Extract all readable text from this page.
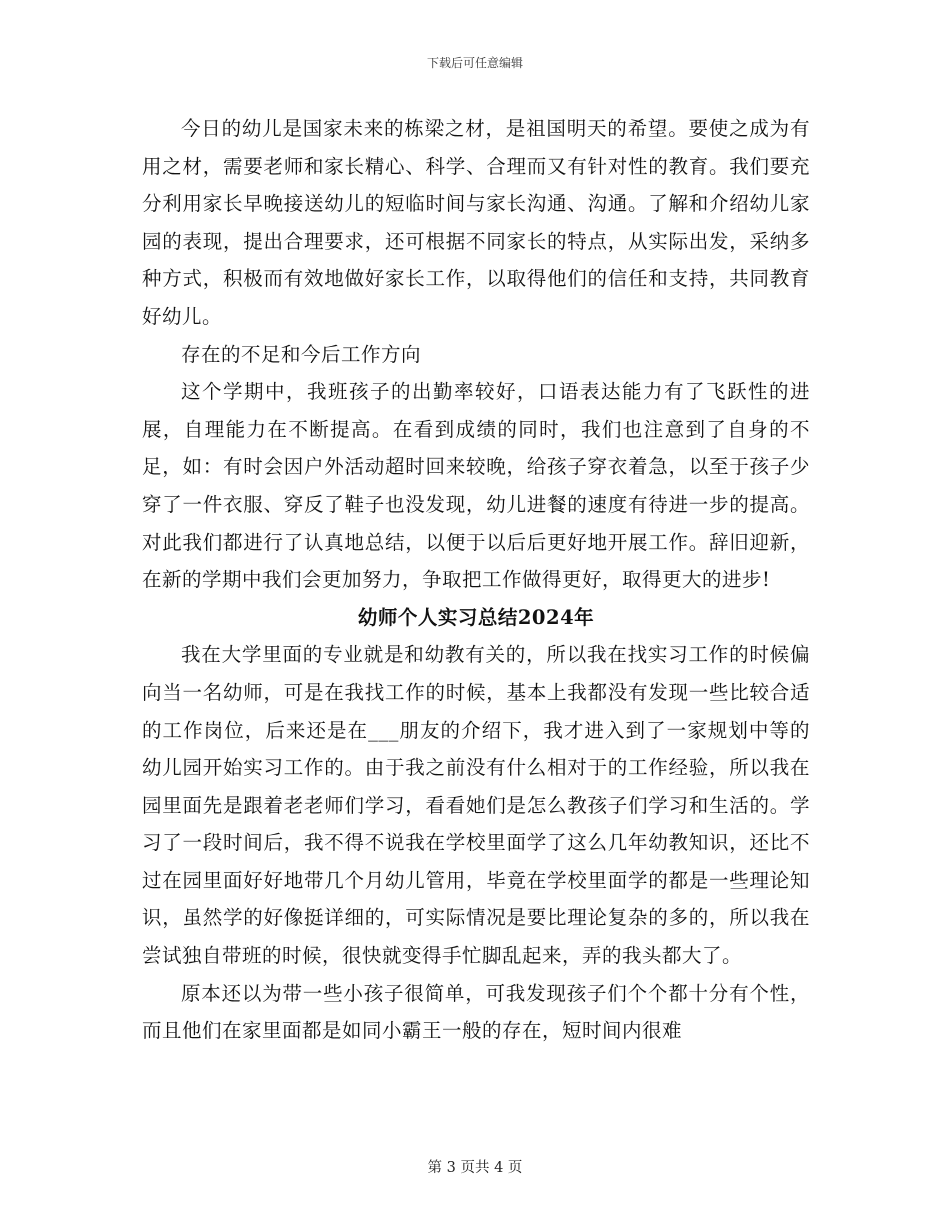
下载后可任意编辑

今日的幼儿是国家未来的栋梁之材，是祖国明天的希望。要使之成为有用之材，需要老师和家长精心、科学、合理而又有针对性的教育。我们要充分利用家长早晚接送幼儿的短临时间与家长沟通、沟通。了解和介绍幼儿家园的表现，提出合理要求，还可根据不同家长的特点，从实际出发，采纳多种方式，积极而有效地做好家长工作，以取得他们的信任和支持，共同教育好幼儿。

存在的不足和今后工作方向

这个学期中，我班孩子的出勤率较好，口语表达能力有了飞跃性的进展，自理能力在不断提高。在看到成绩的同时，我们也注意到了自身的不足，如：有时会因户外活动超时回来较晚，给孩子穿衣着急，以至于孩子少穿了一件衣服、穿反了鞋子也没发现，幼儿进餐的速度有待进一步的提高。对此我们都进行了认真地总结，以便于以后后更好地开展工作。辞旧迎新，在新的学期中我们会更加努力，争取把工作做得更好，取得更大的进步!

幼师个人实习总结2024年

我在大学里面的专业就是和幼教有关的，所以我在找实习工作的时候偏向当一名幼师，可是在我找工作的时候，基本上我都没有发现一些比较合适的工作岗位，后来还是在___朋友的介绍下，我才进入到了一家规划中等的幼儿园开始实习工作的。由于我之前没有什么相对于的工作经验，所以我在园里面先是跟着老老师们学习，看看她们是怎么教孩子们学习和生活的。学习了一段时间后，我不得不说我在学校里面学了这么几年幼教知识，还比不过在园里面好好地带几个月幼儿管用，毕竟在学校里面学的都是一些理论知识，虽然学的好像挺详细的，可实际情况是要比理论复杂的多的，所以我在尝试独自带班的时候，很快就变得手忙脚乱起来，弄的我头都大了。

原本还以为带一些小孩子很简单，可我发现孩子们个个都十分有个性，而且他们在家里面都是如同小霸王一般的存在，短时间内很难

第 3 页共 4 页
